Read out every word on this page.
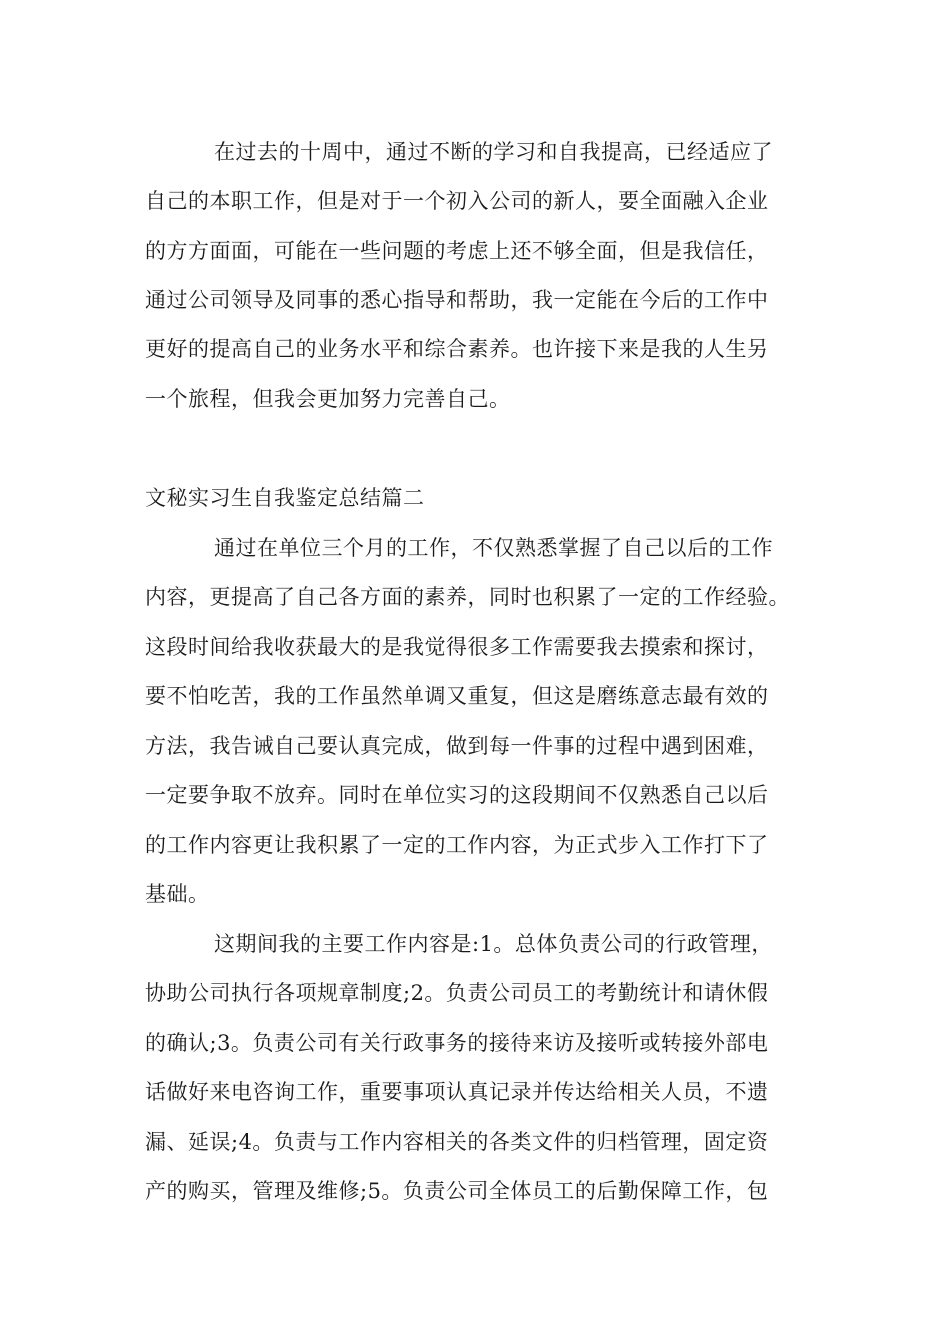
在过去的十周中，通过不断的学习和自我提高，已经适应了
自己的本职工作，但是对于一个初入公司的新人，要全面融入企业
的方方面面，可能在一些问题的考虑上还不够全面，但是我信任，
通过公司领导及同事的悉心指导和帮助，我一定能在今后的工作中
更好的提高自己的业务水平和综合素养。也许接下来是我的人生另
一个旅程，但我会更加努力完善自己。
文秘实习生自我鉴定总结篇二
通过在单位三个月的工作，不仅熟悉掌握了自己以后的工作
内容，更提高了自己各方面的素养，同时也积累了一定的工作经验。
这段时间给我收获最大的是我觉得很多工作需要我去摸索和探讨，
要不怕吃苦，我的工作虽然单调又重复，但这是磨练意志最有效的
方法，我告诫自己要认真完成，做到每一件事的过程中遇到困难，
一定要争取不放弃。同时在单位实习的这段期间不仅熟悉自己以后
的工作内容更让我积累了一定的工作内容，为正式步入工作打下了
基础。
这期间我的主要工作内容是:1。总体负责公司的行政管理，
协助公司执行各项规章制度;2。负责公司员工的考勤统计和请休假
的确认;3。负责公司有关行政事务的接待来访及接听或转接外部电
话做好来电咨询工作，重要事项认真记录并传达给相关人员，不遗
漏、延误;4。负责与工作内容相关的各类文件的归档管理，固定资
产的购买，管理及维修;5。负责公司全体员工的后勤保障工作，包
